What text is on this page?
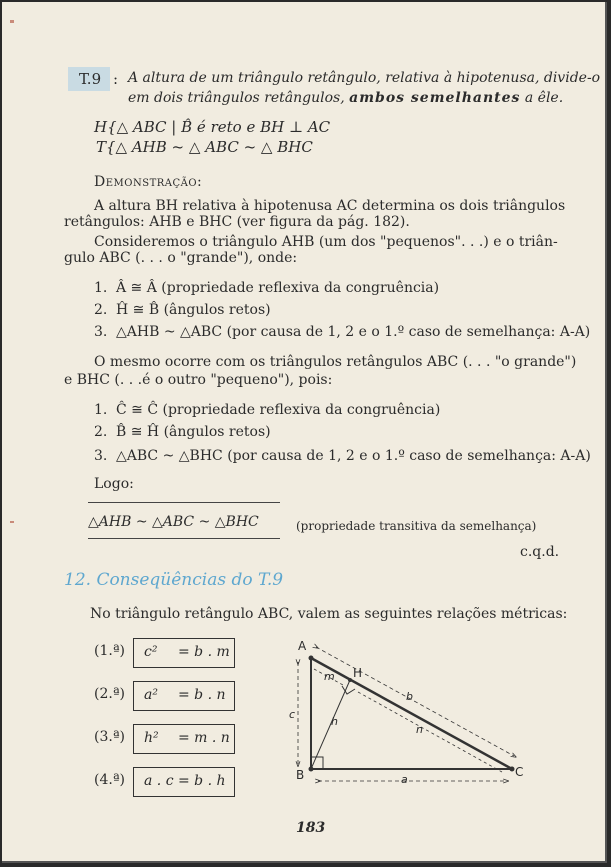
T.9 : A altura de um triângulo retângulo, relativa à hipotenusa, divide-o
em dois triângulos retângulos, ambos semelhantes a êle.
H{△ ABC | B̂ é reto e BH ⊥ AC
T{△ AHB ~ △ ABC ~ △ BHC
Demonstração:
A altura BH relativa à hipotenusa AC determina os dois triângulos
retângulos: AHB e BHC (ver figura da pág. 182).
Consideremos o triângulo AHB (um dos "pequenos". . .) e o triân-
gulo ABC (. . . o "grande"), onde:
1. Â ≅ Â (propriedade reflexiva da congruência)
2. Ĥ ≅ B̂ (ângulos retos)
3. △AHB ~ △ABC (por causa de 1, 2 e o 1.º caso de semelhança: A-A)
O mesmo ocorre com os triângulos retângulos ABC (. . . "o grande")
e BHC (. . .é o outro "pequeno"), pois:
1. Ĉ ≅ Ĉ (propriedade reflexiva da congruência)
2. B̂ ≅ Ĥ (ângulos retos)
3. △ABC ~ △BHC (por causa de 1, 2 e o 1.º caso de semelhança: A-A)
Logo:
△AHB ~ △ABC ~ △BHC	(propriedade transitiva da semelhança)
c.q.d.
12. Conseqüências do T.9
No triângulo retângulo ABC, valem as seguintes relações métricas:
(1.ª) c² = b . m
(2.ª) a² = b . n
(3.ª) h² = m . n
(4.ª) a . c = b . h
A
B	C
H
a
b
c
h
m
n
183
